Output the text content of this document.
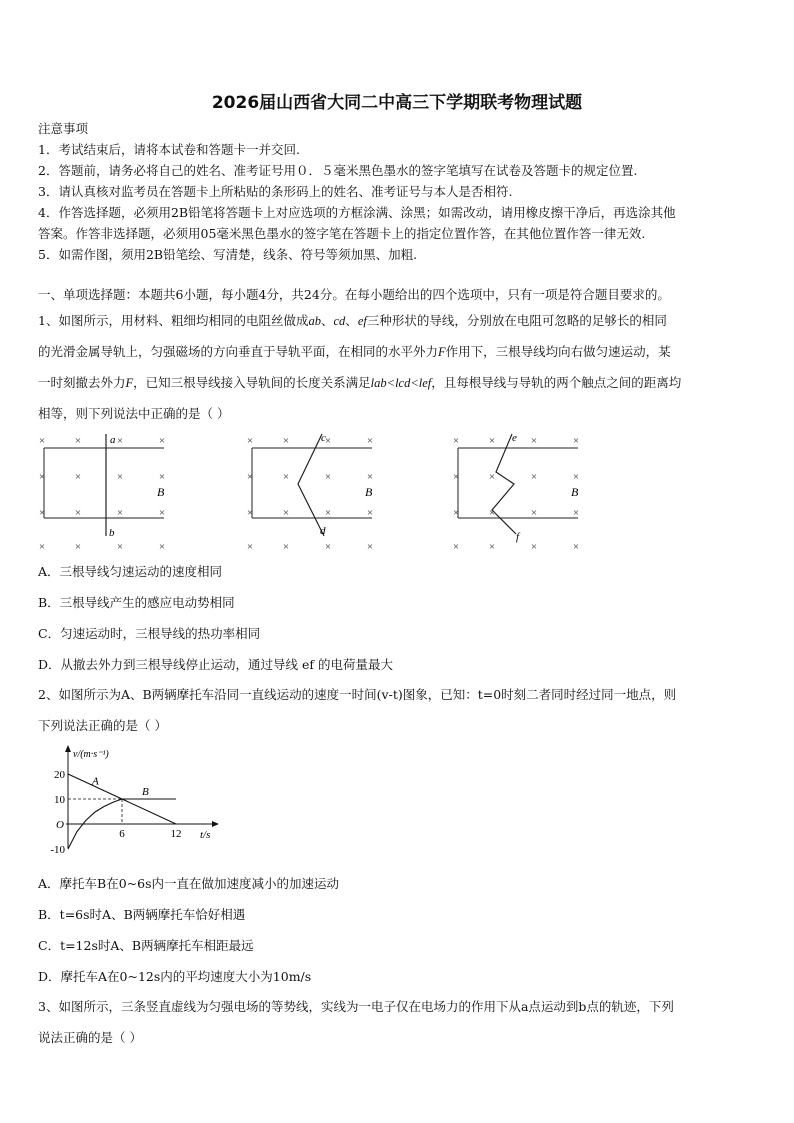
2026届山西省大同二中高三下学期联考物理试题
注意事项
1．考试结束后，请将本试卷和答题卡一并交回.
2．答题前，请务必将自己的姓名、准考证号用０．５毫米黑色墨水的签字笔填写在试卷及答题卡的规定位置.
3．请认真核对监考员在答题卡上所粘贴的条形码上的姓名、准考证号与本人是否相符.
4．作答选择题，必须用2B铅笔将答题卡上对应选项的方框涂满、涂黑；如需改动，请用橡皮擦干净后，再选涂其他
答案。作答非选择题，必须用05毫米黑色墨水的签字笔在答题卡上的指定位置作答，在其他位置作答一律无效.
5．如需作图，须用2B铅笔绘、写清楚，线条、符号等须加黑、加粗.
一、单项选择题：本题共6小题，每小题4分，共24分。在每小题给出的四个选项中，只有一项是符合题目要求的。
1、如图所示，用材料、粗细均相同的电阻丝做成ab、cd、ef三种形状的导线，分别放在电阻可忽略的足够长的相同
的光滑金属导轨上，匀强磁场的方向垂直于导轨平面，在相同的水平外力F作用下，三根导线均向右做匀速运动，某
一时刻撤去外力F，已知三根导线接入导轨间的长度关系满足lab<lcd<lef，且每根导线与导轨的两个触点之间的距离均
相等，则下列说法中正确的是（ ）
×	×	×	×
×	×	×	×
×	×	×	×
×	×	×	×
B
a
b
×	×	×	×
×	×	×	×
×	×	×	×
×	×	×	×
B
c
d
×	×	×	×
×	×	×	×
×	×	×	×
×	×	×	×
B
e
f
A．三根导线匀速运动的速度相同
B．三根导线产生的感应电动势相同
C．匀速运动时，三根导线的热功率相同
D．从撤去外力到三根导线停止运动，通过导线 ef 的电荷量最大
2、如图所示为A、B两辆摩托车沿同一直线运动的速度一时间(v-t)图象，已知：t=0时刻二者同时经过同一地点，则
下列说法正确的是（ ）
v/(m·s⁻¹)
t/s
O
20
10
-10
6	12
A
B
A．摩托车B在0~6s内一直在做加速度减小的加速运动
B．t=6s时A、B两辆摩托车恰好相遇
C．t=12s时A、B两辆摩托车相距最远
D．摩托车A在0~12s内的平均速度大小为10m/s
3、如图所示，三条竖直虚线为匀强电场的等势线，实线为一电子仅在电场力的作用下从a点运动到b点的轨迹，下列
说法正确的是（ ）
